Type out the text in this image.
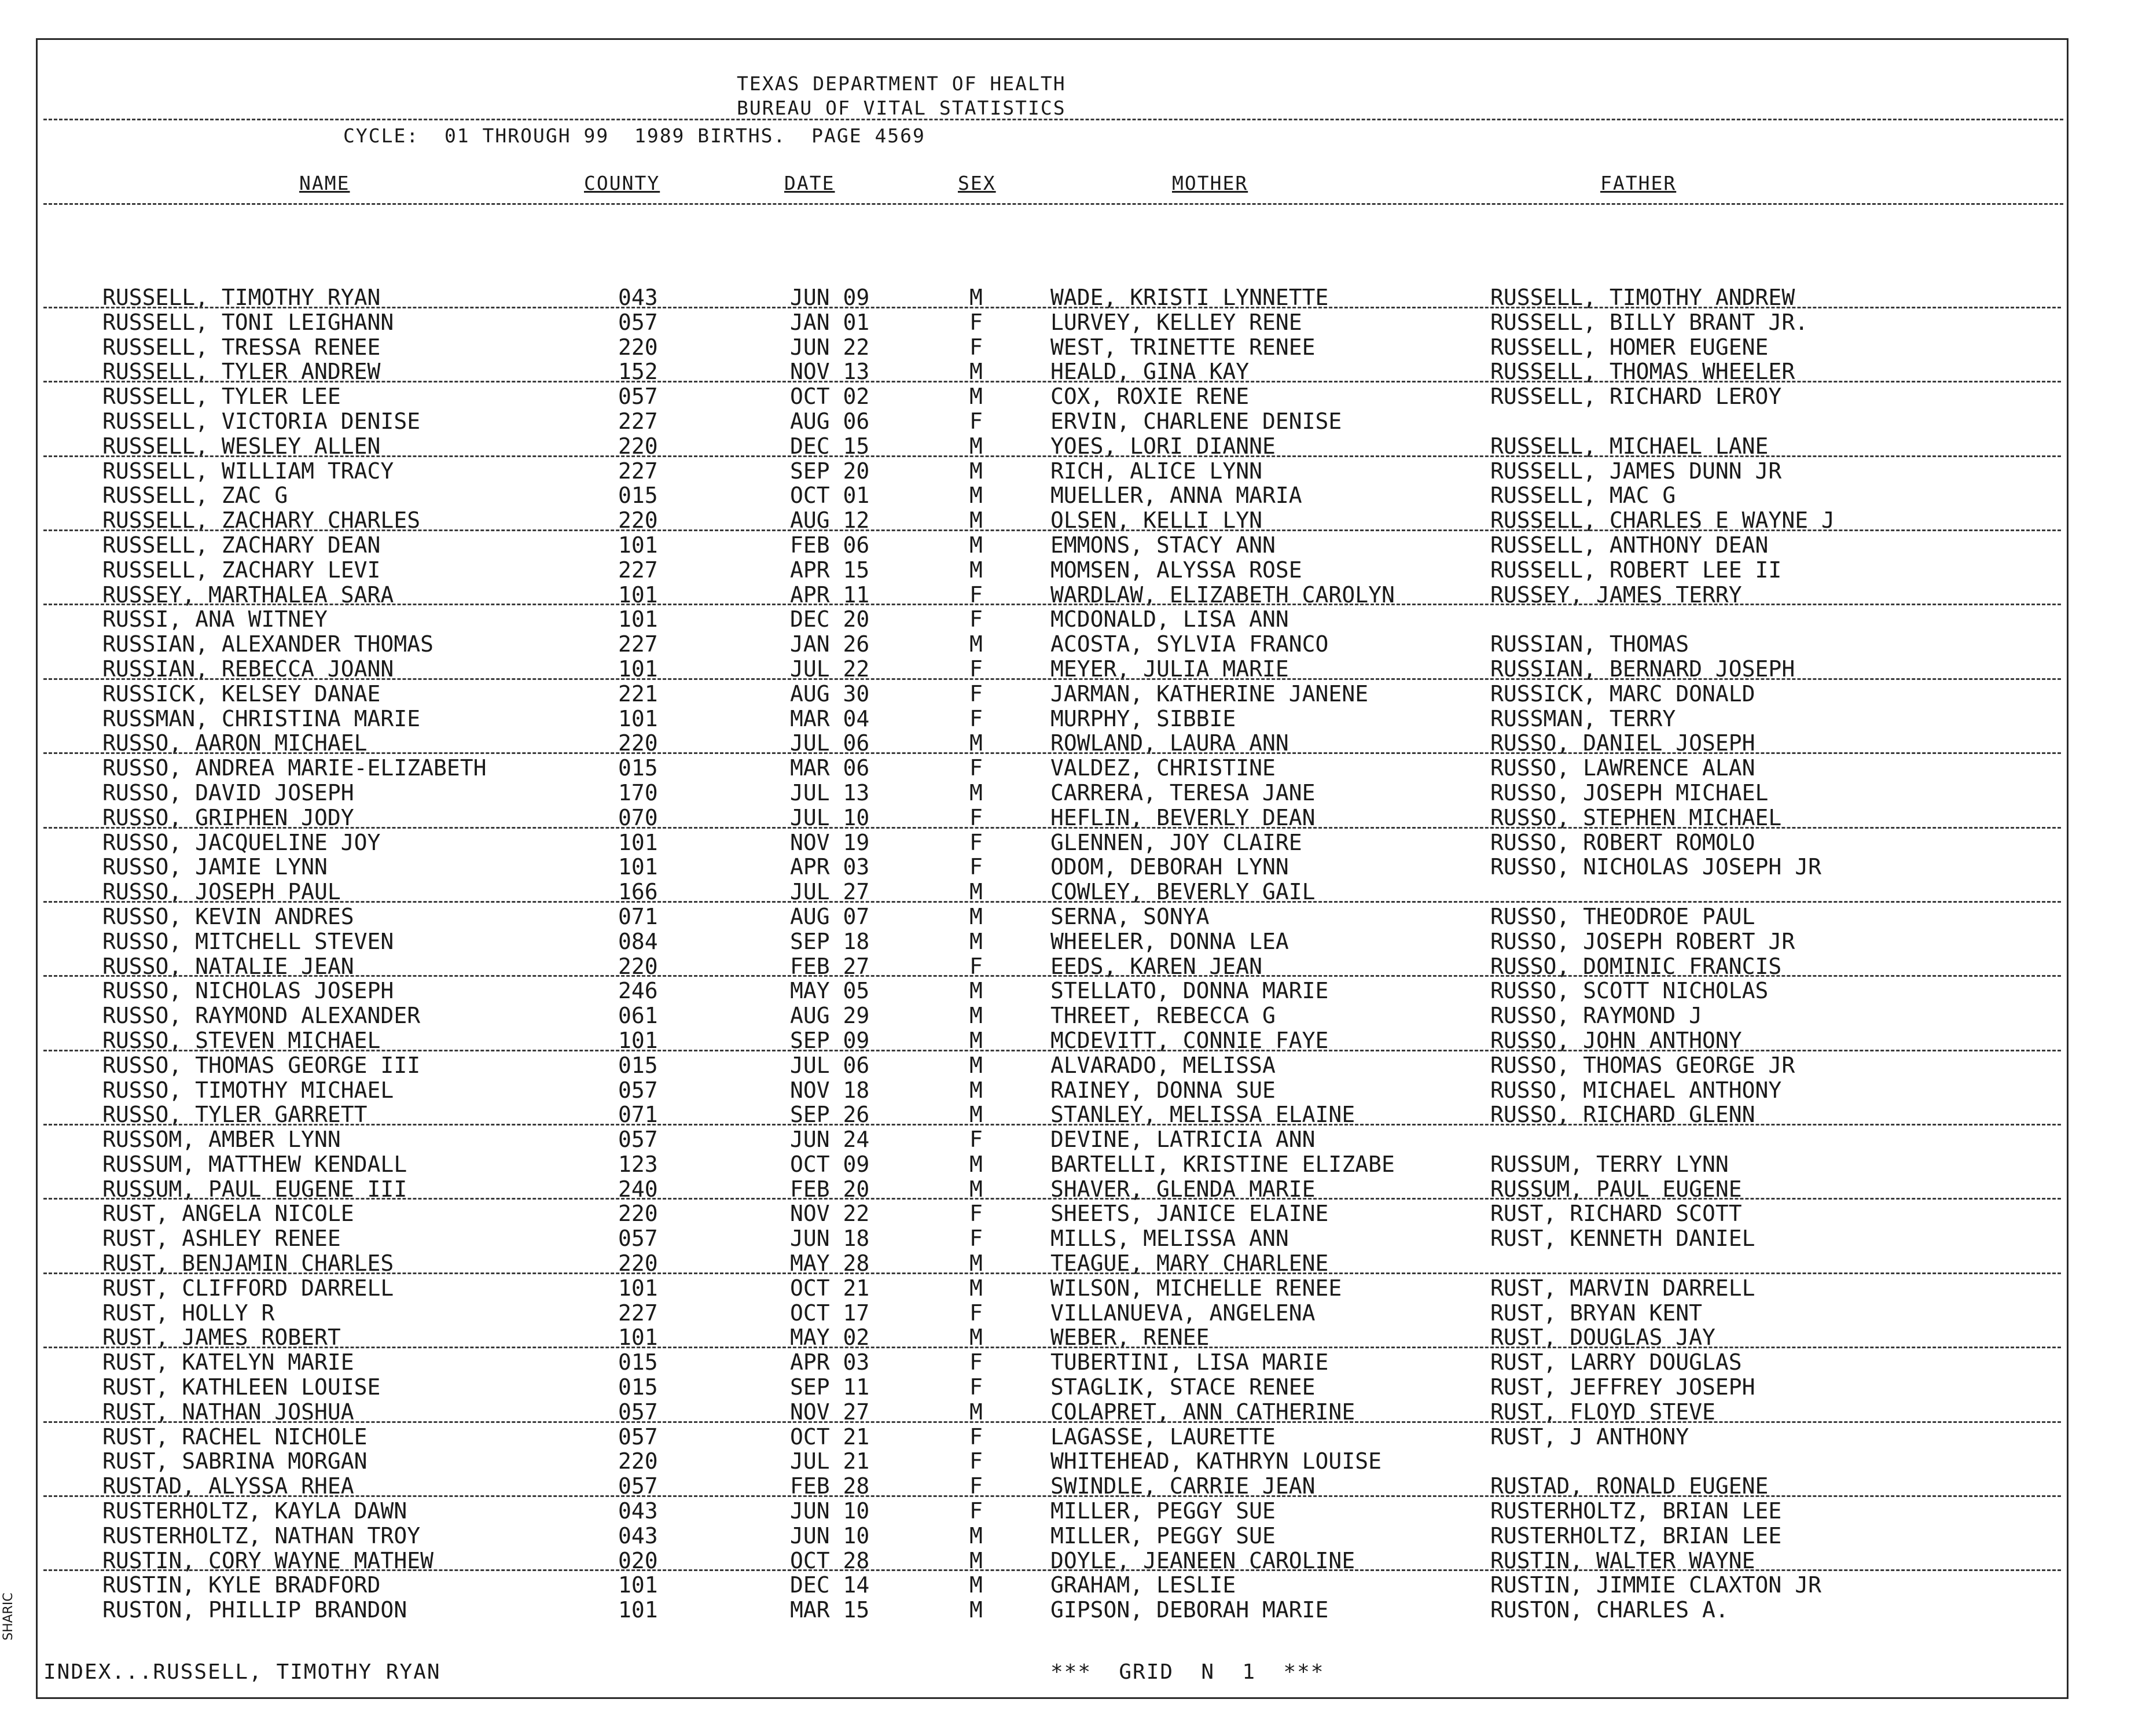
TEXAS DEPARTMENT OF HEALTH
BUREAU OF VITAL STATISTICS
CYCLE:  01 THROUGH 99  1989 BIRTHS.  PAGE 4569
NAME	COUNTY	DATE	SEX	MOTHER	FATHER
RUSSELL, TIMOTHY RYAN	043	JUN 09	M	WADE, KRISTI LYNNETTE	RUSSELL, TIMOTHY ANDREW
RUSSELL, TONI LEIGHANN	057	JAN 01	F	LURVEY, KELLEY RENE	RUSSELL, BILLY BRANT JR.
RUSSELL, TRESSA RENEE	220	JUN 22	F	WEST, TRINETTE RENEE	RUSSELL, HOMER EUGENE
RUSSELL, TYLER ANDREW	152	NOV 13	M	HEALD, GINA KAY	RUSSELL, THOMAS WHEELER
RUSSELL, TYLER LEE	057	OCT 02	M	COX, ROXIE RENE	RUSSELL, RICHARD LEROY
RUSSELL, VICTORIA DENISE	227	AUG 06	F	ERVIN, CHARLENE DENISE
RUSSELL, WESLEY ALLEN	220	DEC 15	M	YOES, LORI DIANNE	RUSSELL, MICHAEL LANE
RUSSELL, WILLIAM TRACY	227	SEP 20	M	RICH, ALICE LYNN	RUSSELL, JAMES DUNN JR
RUSSELL, ZAC G	015	OCT 01	M	MUELLER, ANNA MARIA	RUSSELL, MAC G
RUSSELL, ZACHARY CHARLES	220	AUG 12	M	OLSEN, KELLI LYN	RUSSELL, CHARLES E WAYNE J
RUSSELL, ZACHARY DEAN	101	FEB 06	M	EMMONS, STACY ANN	RUSSELL, ANTHONY DEAN
RUSSELL, ZACHARY LEVI	227	APR 15	M	MOMSEN, ALYSSA ROSE	RUSSELL, ROBERT LEE II
RUSSEY, MARTHALEA SARA	101	APR 11	F	WARDLAW, ELIZABETH CAROLYN	RUSSEY, JAMES TERRY
RUSSI, ANA WITNEY	101	DEC 20	F	MCDONALD, LISA ANN
RUSSIAN, ALEXANDER THOMAS	227	JAN 26	M	ACOSTA, SYLVIA FRANCO	RUSSIAN, THOMAS
RUSSIAN, REBECCA JOANN	101	JUL 22	F	MEYER, JULIA MARIE	RUSSIAN, BERNARD JOSEPH
RUSSICK, KELSEY DANAE	221	AUG 30	F	JARMAN, KATHERINE JANENE	RUSSICK, MARC DONALD
RUSSMAN, CHRISTINA MARIE	101	MAR 04	F	MURPHY, SIBBIE	RUSSMAN, TERRY
RUSSO, AARON MICHAEL	220	JUL 06	M	ROWLAND, LAURA ANN	RUSSO, DANIEL JOSEPH
RUSSO, ANDREA MARIE-ELIZABETH	015	MAR 06	F	VALDEZ, CHRISTINE	RUSSO, LAWRENCE ALAN
RUSSO, DAVID JOSEPH	170	JUL 13	M	CARRERA, TERESA JANE	RUSSO, JOSEPH MICHAEL
RUSSO, GRIPHEN JODY	070	JUL 10	F	HEFLIN, BEVERLY DEAN	RUSSO, STEPHEN MICHAEL
RUSSO, JACQUELINE JOY	101	NOV 19	F	GLENNEN, JOY CLAIRE	RUSSO, ROBERT ROMOLO
RUSSO, JAMIE LYNN	101	APR 03	F	ODOM, DEBORAH LYNN	RUSSO, NICHOLAS JOSEPH JR
RUSSO, JOSEPH PAUL	166	JUL 27	M	COWLEY, BEVERLY GAIL
RUSSO, KEVIN ANDRES	071	AUG 07	M	SERNA, SONYA	RUSSO, THEODROE PAUL
RUSSO, MITCHELL STEVEN	084	SEP 18	M	WHEELER, DONNA LEA	RUSSO, JOSEPH ROBERT JR
RUSSO, NATALIE JEAN	220	FEB 27	F	EEDS, KAREN JEAN	RUSSO, DOMINIC FRANCIS
RUSSO, NICHOLAS JOSEPH	246	MAY 05	M	STELLATO, DONNA MARIE	RUSSO, SCOTT NICHOLAS
RUSSO, RAYMOND ALEXANDER	061	AUG 29	M	THREET, REBECCA G	RUSSO, RAYMOND J
RUSSO, STEVEN MICHAEL	101	SEP 09	M	MCDEVITT, CONNIE FAYE	RUSSO, JOHN ANTHONY
RUSSO, THOMAS GEORGE III	015	JUL 06	M	ALVARADO, MELISSA	RUSSO, THOMAS GEORGE JR
RUSSO, TIMOTHY MICHAEL	057	NOV 18	M	RAINEY, DONNA SUE	RUSSO, MICHAEL ANTHONY
RUSSO, TYLER GARRETT	071	SEP 26	M	STANLEY, MELISSA ELAINE	RUSSO, RICHARD GLENN
RUSSOM, AMBER LYNN	057	JUN 24	F	DEVINE, LATRICIA ANN
RUSSUM, MATTHEW KENDALL	123	OCT 09	M	BARTELLI, KRISTINE ELIZABE	RUSSUM, TERRY LYNN
RUSSUM, PAUL EUGENE III	240	FEB 20	M	SHAVER, GLENDA MARIE	RUSSUM, PAUL EUGENE
RUST, ANGELA NICOLE	220	NOV 22	F	SHEETS, JANICE ELAINE	RUST, RICHARD SCOTT
RUST, ASHLEY RENEE	057	JUN 18	F	MILLS, MELISSA ANN	RUST, KENNETH DANIEL
RUST, BENJAMIN CHARLES	220	MAY 28	M	TEAGUE, MARY CHARLENE
RUST, CLIFFORD DARRELL	101	OCT 21	M	WILSON, MICHELLE RENEE	RUST, MARVIN DARRELL
RUST, HOLLY R	227	OCT 17	F	VILLANUEVA, ANGELENA	RUST, BRYAN KENT
RUST, JAMES ROBERT	101	MAY 02	M	WEBER, RENEE	RUST, DOUGLAS JAY
RUST, KATELYN MARIE	015	APR 03	F	TUBERTINI, LISA MARIE	RUST, LARRY DOUGLAS
RUST, KATHLEEN LOUISE	015	SEP 11	F	STAGLIK, STACE RENEE	RUST, JEFFREY JOSEPH
RUST, NATHAN JOSHUA	057	NOV 27	M	COLAPRET, ANN CATHERINE	RUST, FLOYD STEVE
RUST, RACHEL NICHOLE	057	OCT 21	F	LAGASSE, LAURETTE	RUST, J ANTHONY
RUST, SABRINA MORGAN	220	JUL 21	F	WHITEHEAD, KATHRYN LOUISE
RUSTAD, ALYSSA RHEA	057	FEB 28	F	SWINDLE, CARRIE JEAN	RUSTAD, RONALD EUGENE
RUSTERHOLTZ, KAYLA DAWN	043	JUN 10	F	MILLER, PEGGY SUE	RUSTERHOLTZ, BRIAN LEE
RUSTERHOLTZ, NATHAN TROY	043	JUN 10	M	MILLER, PEGGY SUE	RUSTERHOLTZ, BRIAN LEE
RUSTIN, CORY WAYNE MATHEW	020	OCT 28	M	DOYLE, JEANEEN CAROLINE	RUSTIN, WALTER WAYNE
RUSTIN, KYLE BRADFORD	101	DEC 14	M	GRAHAM, LESLIE	RUSTIN, JIMMIE CLAXTON JR
RUSTON, PHILLIP BRANDON	101	MAR 15	M	GIPSON, DEBORAH MARIE	RUSTON, CHARLES A.
INDEX...RUSSELL, TIMOTHY RYAN	***  GRID  N  1  ***
SHARIC
